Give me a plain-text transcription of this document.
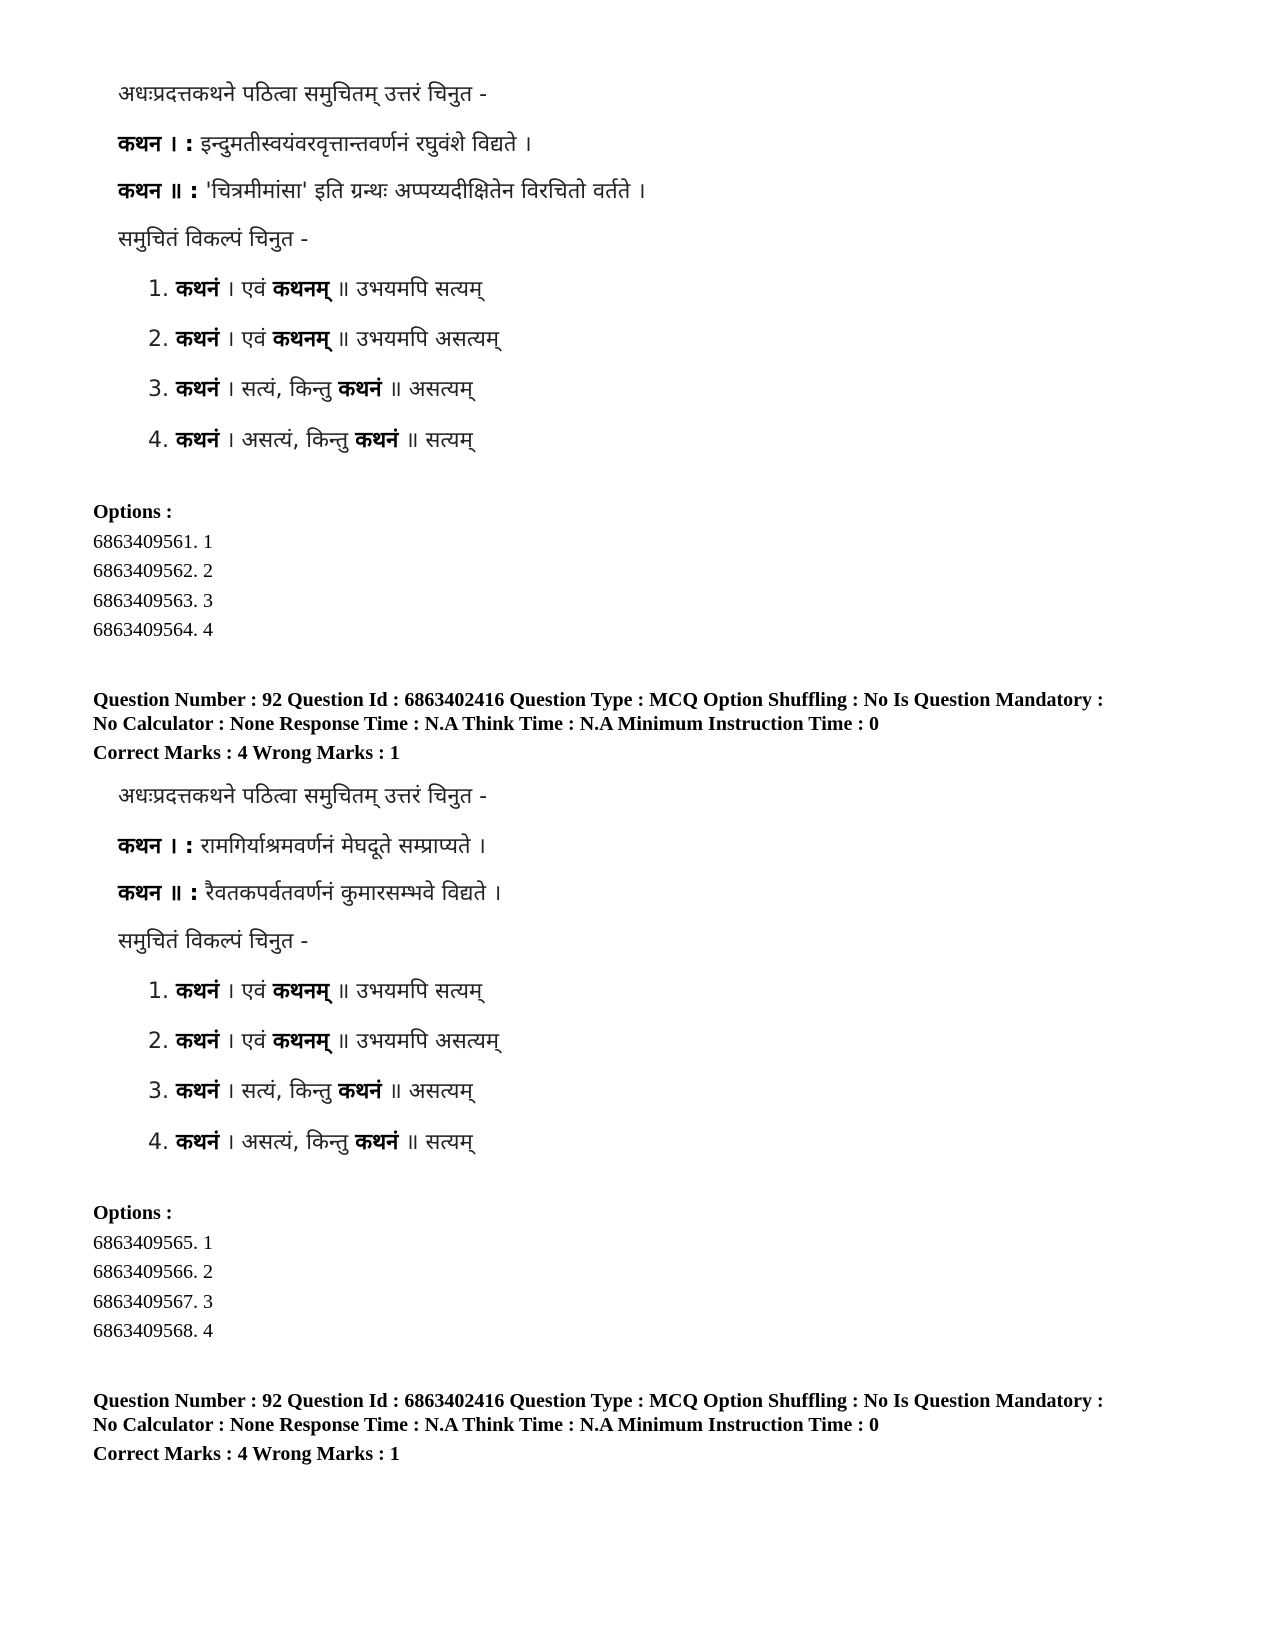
अधःप्रदत्तकथने पठित्वा समुचितम् उत्तरं चिनुत -
कथन । : इन्दुमतीस्वयंवरवृत्तान्तवर्णनं रघुवंशे विद्यते ।
कथन ॥ : 'चित्रमीमांसा' इति ग्रन्थः अप्पय्यदीक्षितेन विरचितो वर्तते ।
समुचितं विकल्पं चिनुत -
1. कथनं । एवं कथनम् ॥ उभयमपि सत्यम्
2. कथनं । एवं कथनम् ॥ उभयमपि असत्यम्
3. कथनं । सत्यं, किन्तु कथनं ॥ असत्यम्
4. कथनं । असत्यं, किन्तु कथनं ॥ सत्यम्
Options :
6863409561. 1
6863409562. 2
6863409563. 3
6863409564. 4
Question Number : 92 Question Id : 6863402416 Question Type : MCQ Option Shuffling : No Is Question Mandatory :
No Calculator : None Response Time : N.A Think Time : N.A Minimum Instruction Time : 0
Correct Marks : 4 Wrong Marks : 1
अधःप्रदत्तकथने पठित्वा समुचितम् उत्तरं चिनुत -
कथन । : रामगिर्याश्रमवर्णनं मेघदूते सम्प्राप्यते ।
कथन ॥ : रैवतकपर्वतवर्णनं कुमारसम्भवे विद्यते ।
समुचितं विकल्पं चिनुत -
1. कथनं । एवं कथनम् ॥ उभयमपि सत्यम्
2. कथनं । एवं कथनम् ॥ उभयमपि असत्यम्
3. कथनं । सत्यं, किन्तु कथनं ॥ असत्यम्
4. कथनं । असत्यं, किन्तु कथनं ॥ सत्यम्
Options :
6863409565. 1
6863409566. 2
6863409567. 3
6863409568. 4
Question Number : 92 Question Id : 6863402416 Question Type : MCQ Option Shuffling : No Is Question Mandatory :
No Calculator : None Response Time : N.A Think Time : N.A Minimum Instruction Time : 0
Correct Marks : 4 Wrong Marks : 1
